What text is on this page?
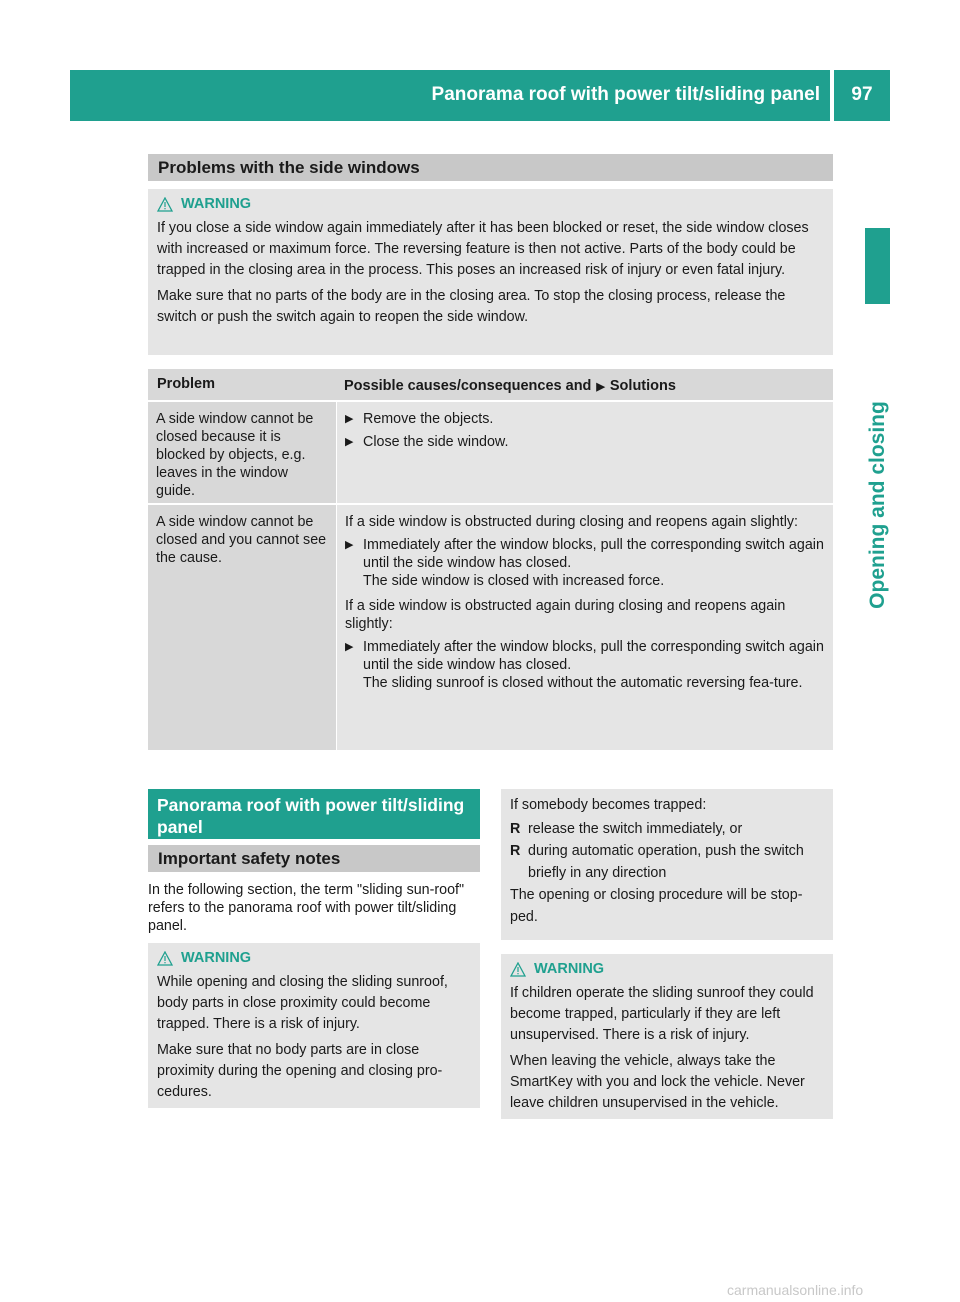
Panorama roof with power tilt/sliding panel	97
Opening and closing
Problems with the side windows
WARNING

If you close a side window again immediately after it has been blocked or reset, the side window closes with increased or maximum force. The reversing feature is then not active. Parts of the body could be trapped in the closing area in the process. This poses an increased risk of injury or even fatal injury.

Make sure that no parts of the body are in the closing area. To stop the closing process, release the switch or push the switch again to reopen the side window.

Problem	Possible causes/consequences and ▶ Solutions
A side window cannot be closed because it is blocked by objects, e.g. leaves in the window guide.
▶ Remove the objects.
▶ Close the side window.
A side window cannot be closed and you cannot see the cause.

If a side window is obstructed during closing and reopens again slightly:

▶ Immediately after the window blocks, pull the corresponding switch again until the side window has closed.
The side window is closed with increased force.

If a side window is obstructed again during closing and reopens again slightly:

▶ Immediately after the window blocks, pull the corresponding switch again until the side window has closed.
The sliding sunroof is closed without the automatic reversing fea-ture.
Panorama roof with power tilt/sliding panel
Important safety notes
In the following section, the term "sliding sun-roof" refers to the panorama roof with power tilt/sliding panel.
WARNING

While opening and closing the sliding sunroof, body parts in close proximity could become trapped. There is a risk of injury.

Make sure that no body parts are in close proximity during the opening and closing pro-cedures.

If somebody becomes trapped:

R release the switch immediately, or
R during automatic operation, push the switch briefly in any direction

The opening or closing procedure will be stop-ped.

WARNING

If children operate the sliding sunroof they could become trapped, particularly if they are left unsupervised. There is a risk of injury.

When leaving the vehicle, always take the SmartKey with you and lock the vehicle. Never leave children unsupervised in the vehicle.

carmanualsonline.info
